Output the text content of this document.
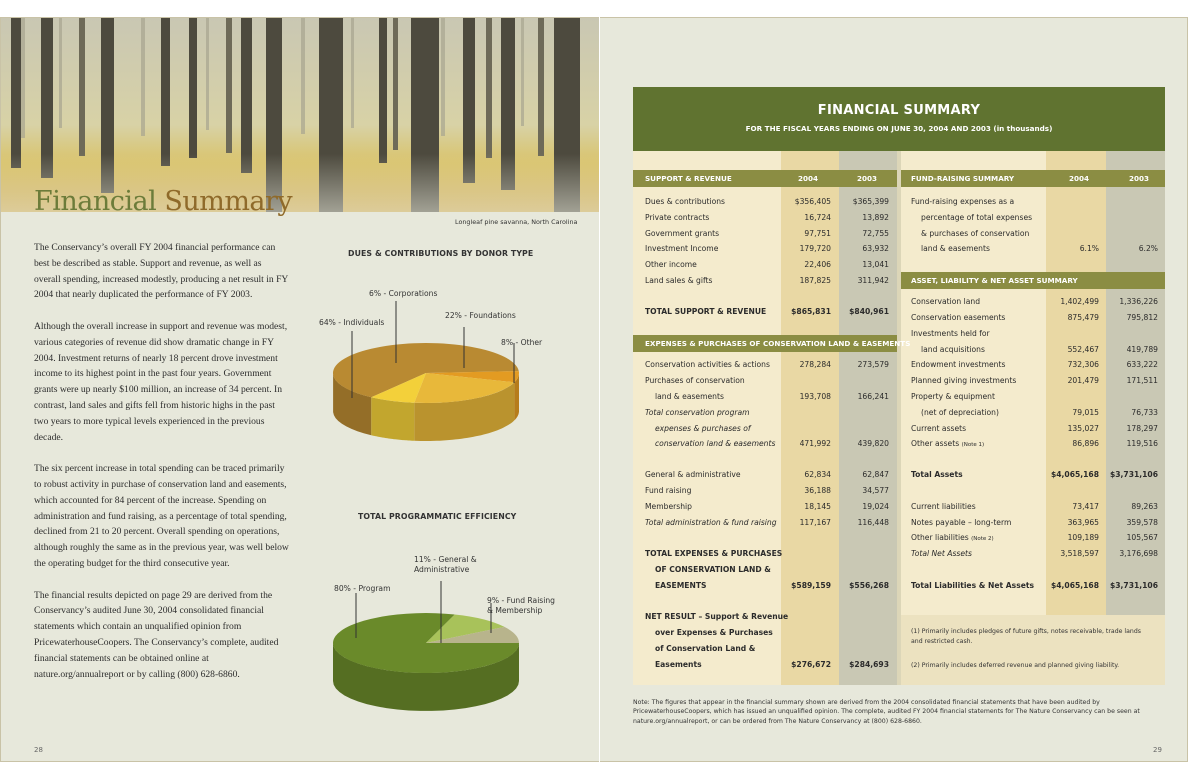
Financial Summary
Longleaf pine savanna, North Carolina

The Conservancy’s overall FY 2004 financial performance can best be described as stable. Support and revenue, as well as overall spending, increased modestly, producing a net result in FY 2004 that nearly duplicated the performance of FY 2003.

Although the overall increase in support and revenue was modest, various categories of revenue did show dramatic change in FY 2004. Investment returns of nearly 18 percent drove investment income to its highest point in the past four years. Government grants were up nearly $100 million, an increase of 34 percent. In contrast, land sales and gifts fell from historic highs in the past two years to more typical levels experienced in the previous decade.

The six percent increase in total spending can be traced primarily to robust activity in purchase of conservation land and easements, which accounted for 84 percent of the increase. Spending on administration and fund raising, as a percentage of total spending, declined from 21 to 20 percent. Overall spending on operations, although roughly the same as in the previous year, was well below the operating budget for the third consecutive year.

The financial results depicted on page 29 are derived from the Conservancy’s audited June 30, 2004 consolidated financial statements which contain an unqualified opinion from PricewaterhouseCoopers. The Conservancy’s complete, audited financial statements can be obtained online at nature.org/annualreport or by calling (800) 628-6860.

DUES & CONTRIBUTIONS BY DONOR TYPE
64% - Individuals
6% - Corporations
22% - Foundations
8% - Other
TOTAL PROGRAMMATIC EFFICIENCY
80% - Program
11% - General & Administrative
9% - Fund Raising & Membership
28
FINANCIAL SUMMARY
FOR THE FISCAL YEARS ENDING ON JUNE 30, 2004 AND 2003 (in thousands)
SUPPORT & REVENUE	2004	2003
EXPENSES & PURCHASES OF CONSERVATION LAND & EASEMENTS
FUND-RAISING SUMMARY	2004	2003
ASSET, LIABILITY & NET ASSET SUMMARY
Dues & contributions	$356,405	$365,399
Private contracts	16,724	13,892
Government grants	97,751	72,755
Investment Income	179,720	63,932
Other income	22,406	13,041
Land sales & gifts	187,825	311,942
TOTAL SUPPORT & REVENUE	$865,831	$840,961
Conservation activities & actions	278,284	273,579
Purchases of conservation
land & easements	193,708	166,241
Total conservation program
expenses & purchases of
conservation land & easements	471,992	439,820
General & administrative	62,834	62,847
Fund raising	36,188	34,577
Membership	18,145	19,024
Total administration & fund raising	117,167	116,448
TOTAL EXPENSES & PURCHASES
OF CONSERVATION LAND &
EASEMENTS	$589,159	$556,268
NET RESULT – Support & Revenue
over Expenses & Purchases
of Conservation Land &
Easements	$276,672	$284,693
Fund-raising expenses as a
percentage of total expenses
& purchases of conservation
land & easements	6.1%	6.2%
Conservation land	1,402,499	1,336,226
Conservation easements	875,479	795,812
Investments held for
land acquisitions	552,467	419,789
Endowment investments	732,306	633,222
Planned giving investments	201,479	171,511
Property & equipment
(net of depreciation)	79,015	76,733
Current assets	135,027	178,297
Other assets (Note 1)	86,896	119,516
Total Assets	$4,065,168	$3,731,106
Current liabilities	73,417	89,263
Notes payable – long-term	363,965	359,578
Other liabilities (Note 2)	109,189	105,567
Total Net Assets	3,518,597	3,176,698
Total Liabilities & Net Assets	$4,065,168	$3,731,106
(1) Primarily includes pledges of future gifts, notes receivable, trade lands and restricted cash.
(2) Primarily includes deferred revenue and planned giving liability.
Note: The figures that appear in the financial summary shown are derived from the 2004 consolidated financial statements that have been audited by PricewaterhouseCoopers, which has issued an unqualified opinion. The complete, audited FY 2004 financial statements for The Nature Conservancy can be seen at nature.org/annualreport, or can be ordered from The Nature Conservancy at (800) 628-6860.
29
